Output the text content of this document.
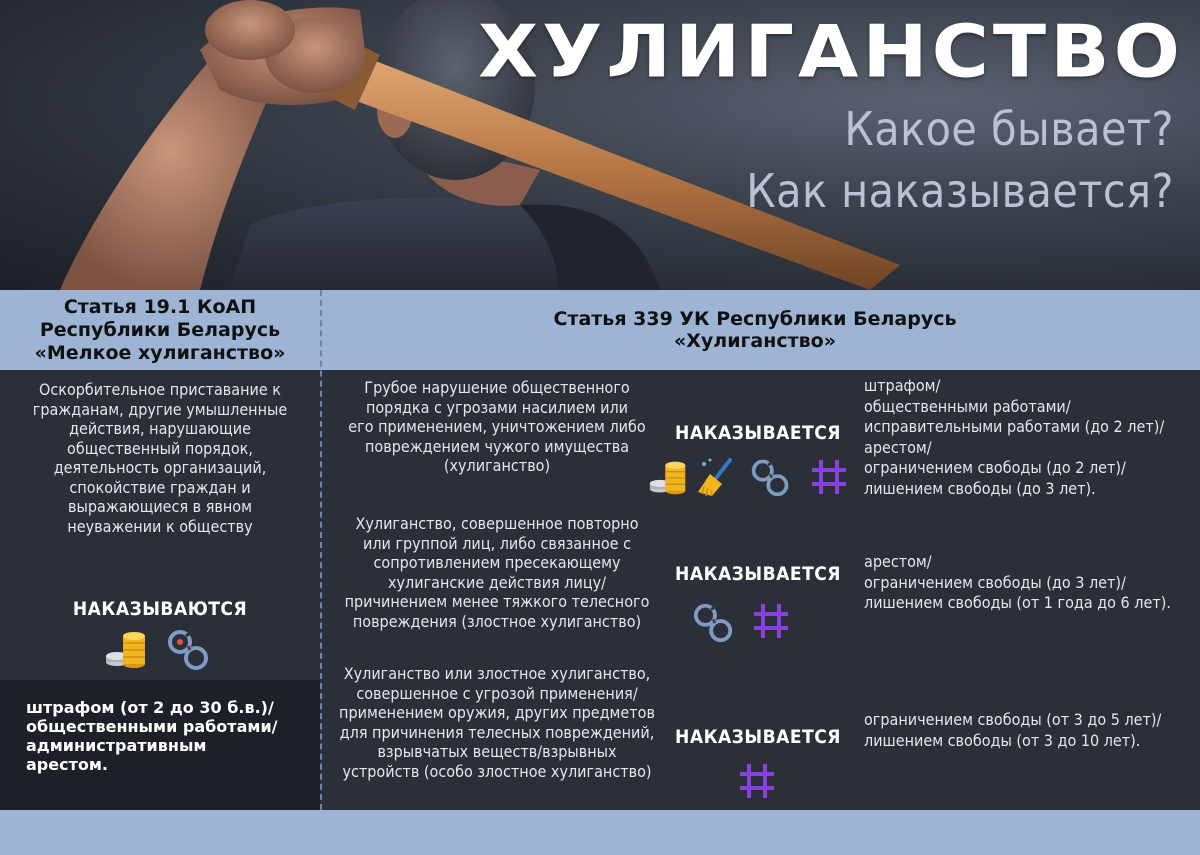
ХУЛИГАНСТВО
Какое бывает?
Как наказывается?
Статья 19.1 КоАП
Республики Беларусь
«Мелкое хулиганство»
Статья 339 УК Республики Беларусь
«Хулиганство»
Оскорбительное приставание к
гражданам, другие умышленные
действия, нарушающие
общественный порядок,
деятельность организаций,
спокойствие граждан и
выражающиеся в явном
неуважении к обществу
НАКАЗЫВАЮТСЯ
штрафом (от 2 до 30 б.в.)/
общественными работами/
административным
арестом.
Грубое нарушение общественного
порядка с угрозами насилием или
его применением, уничтожением либо
повреждением чужого имущества
(хулиганство)
НАКАЗЫВАЕТСЯ
штрафом/
общественными работами/
исправительными работами (до 2 лет)/
арестом/
ограничением свободы (до 2 лет)/
лишением свободы (до 3 лет).
Хулиганство, совершенное повторно
или группой лиц, либо связанное с
сопротивлением пресекающему
хулиганские действия лицу/
причинением менее тяжкого телесного
повреждения (злостное хулиганство)
НАКАЗЫВАЕТСЯ
арестом/
ограничением свободы (до 3 лет)/
лишением свободы (от 1 года до 6 лет).
Хулиганство или злостное хулиганство,
совершенное с угрозой применения/
применением оружия, других предметов
для причинения телесных повреждений,
взрывчатых веществ/взрывных
устройств (особо злостное хулиганство)
НАКАЗЫВАЕТСЯ
ограничением свободы (от 3 до 5 лет)/
лишением свободы (от 3 до 10 лет).
